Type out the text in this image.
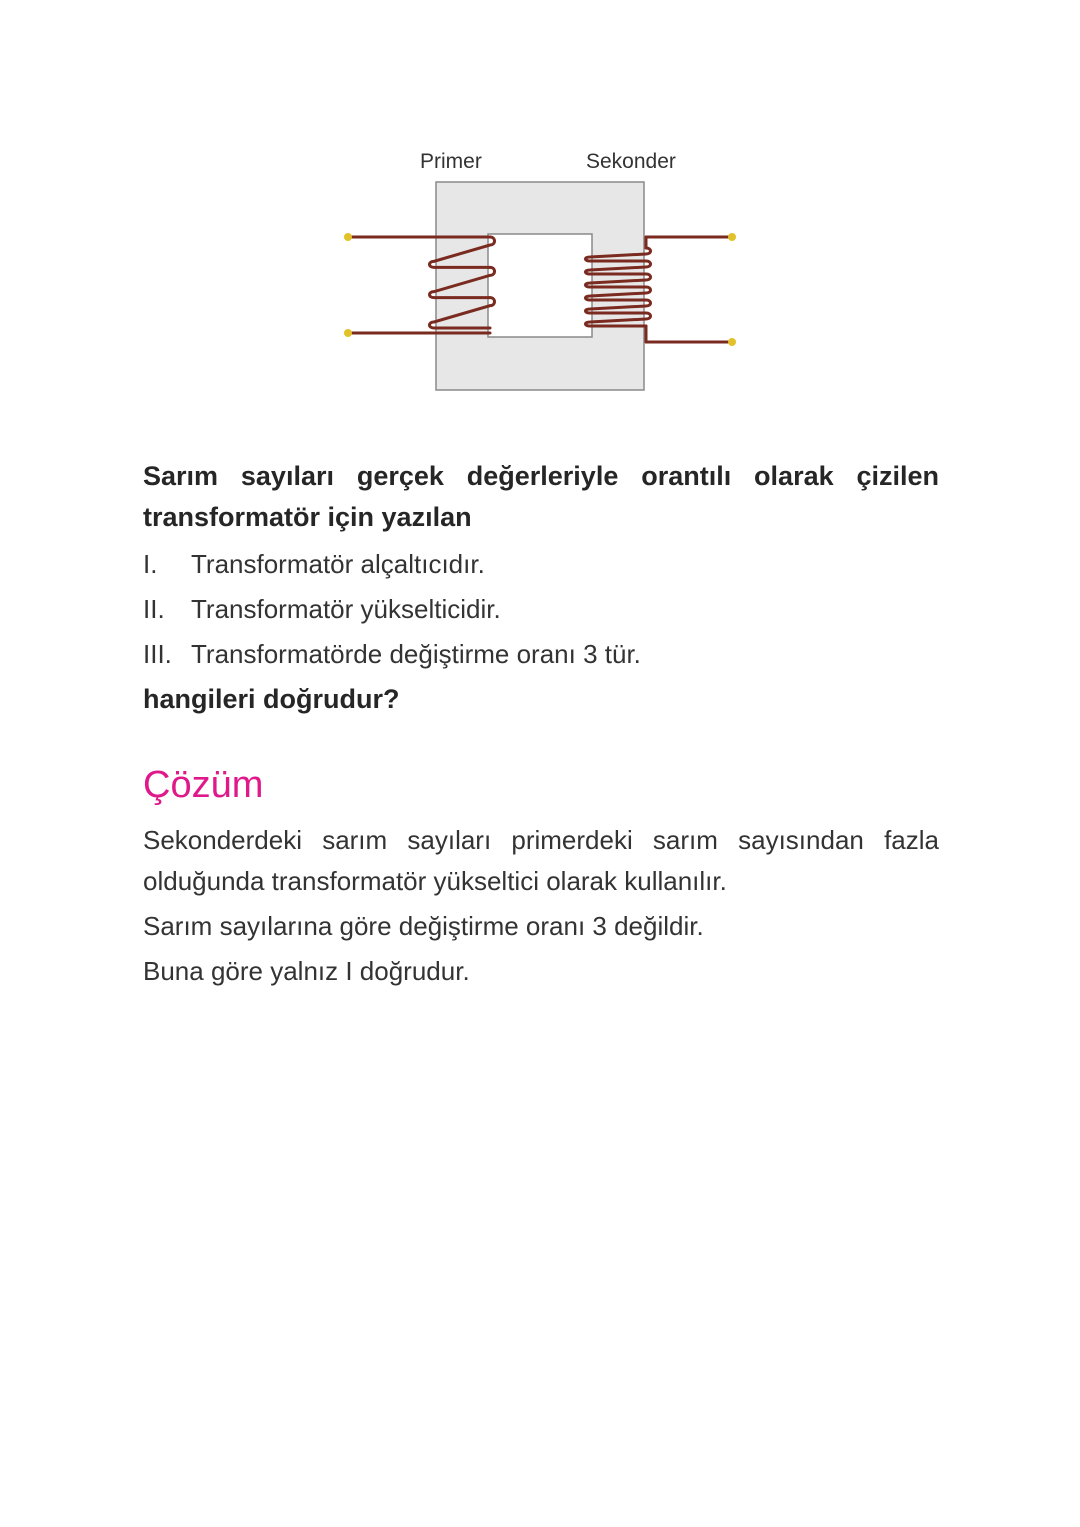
Primer	Sekonder

Sarım sayıları gerçek değerleriyle orantılı olarak çizilen transformatör için yazılan

I.	Transformatör alçaltıcıdır.
II.	Transformatör yükselticidir.
III. Transformatörde değiştirme oranı 3 tür.

hangileri doğrudur?

Çözüm

Sekonderdeki sarım sayıları primerdeki sarım sayısından fazla olduğunda transformatör yükseltici olarak kullanılır.

Sarım sayılarına göre değiştirme oranı 3 değildir.

Buna göre yalnız I doğrudur.
